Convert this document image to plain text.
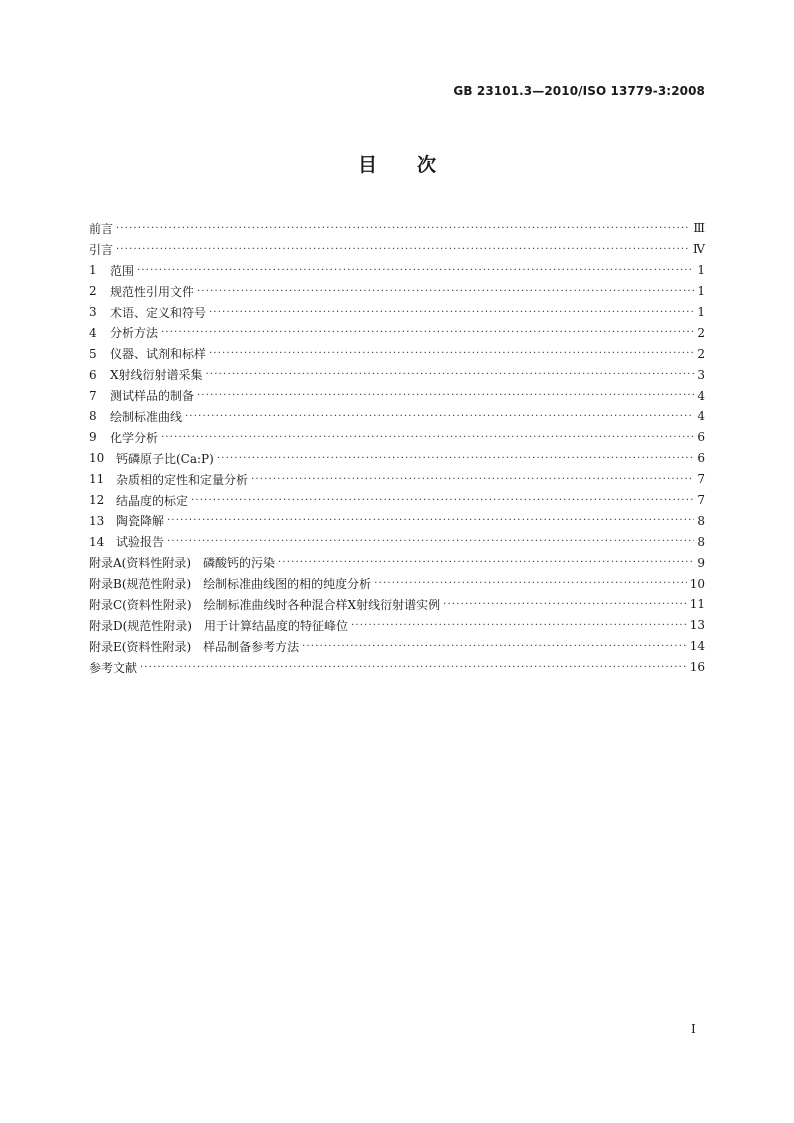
GB 23101.3—2010/ISO 13779-3:2008
目次
前言 ·····	Ⅲ
引言 ·····	Ⅳ
1	范围 ·····	1
2	规范性引用文件 ·····	1
3	术语、定义和符号 ·····	1
4	分析方法 ·····	2
5	仪器、试剂和标样 ·····	2
6	X射线衍射谱采集 ·····	3
7	测试样品的制备 ·····	4
8	绘制标准曲线 ·····	4
9	化学分析 ·····	6
10 钙磷原子比(Ca:P) ·····	6
11 杂质相的定性和定量分析 ·····	7
12 结晶度的标定 ·····	7
13 陶瓷降解 ·····	8
14 试验报告 ·····	8
附录A(资料性附录)　磷酸钙的污染 ·····	9
附录B(规范性附录)　绘制标准曲线图的相的纯度分析 ·····	10
附录C(资料性附录)　绘制标准曲线时各种混合样X射线衍射谱实例 ·····	11
附录D(规范性附录)　用于计算结晶度的特征峰位 ·····	13
附录E(资料性附录)　样品制备参考方法 ·····	14
参考文献 ·····	16
Ⅰ
